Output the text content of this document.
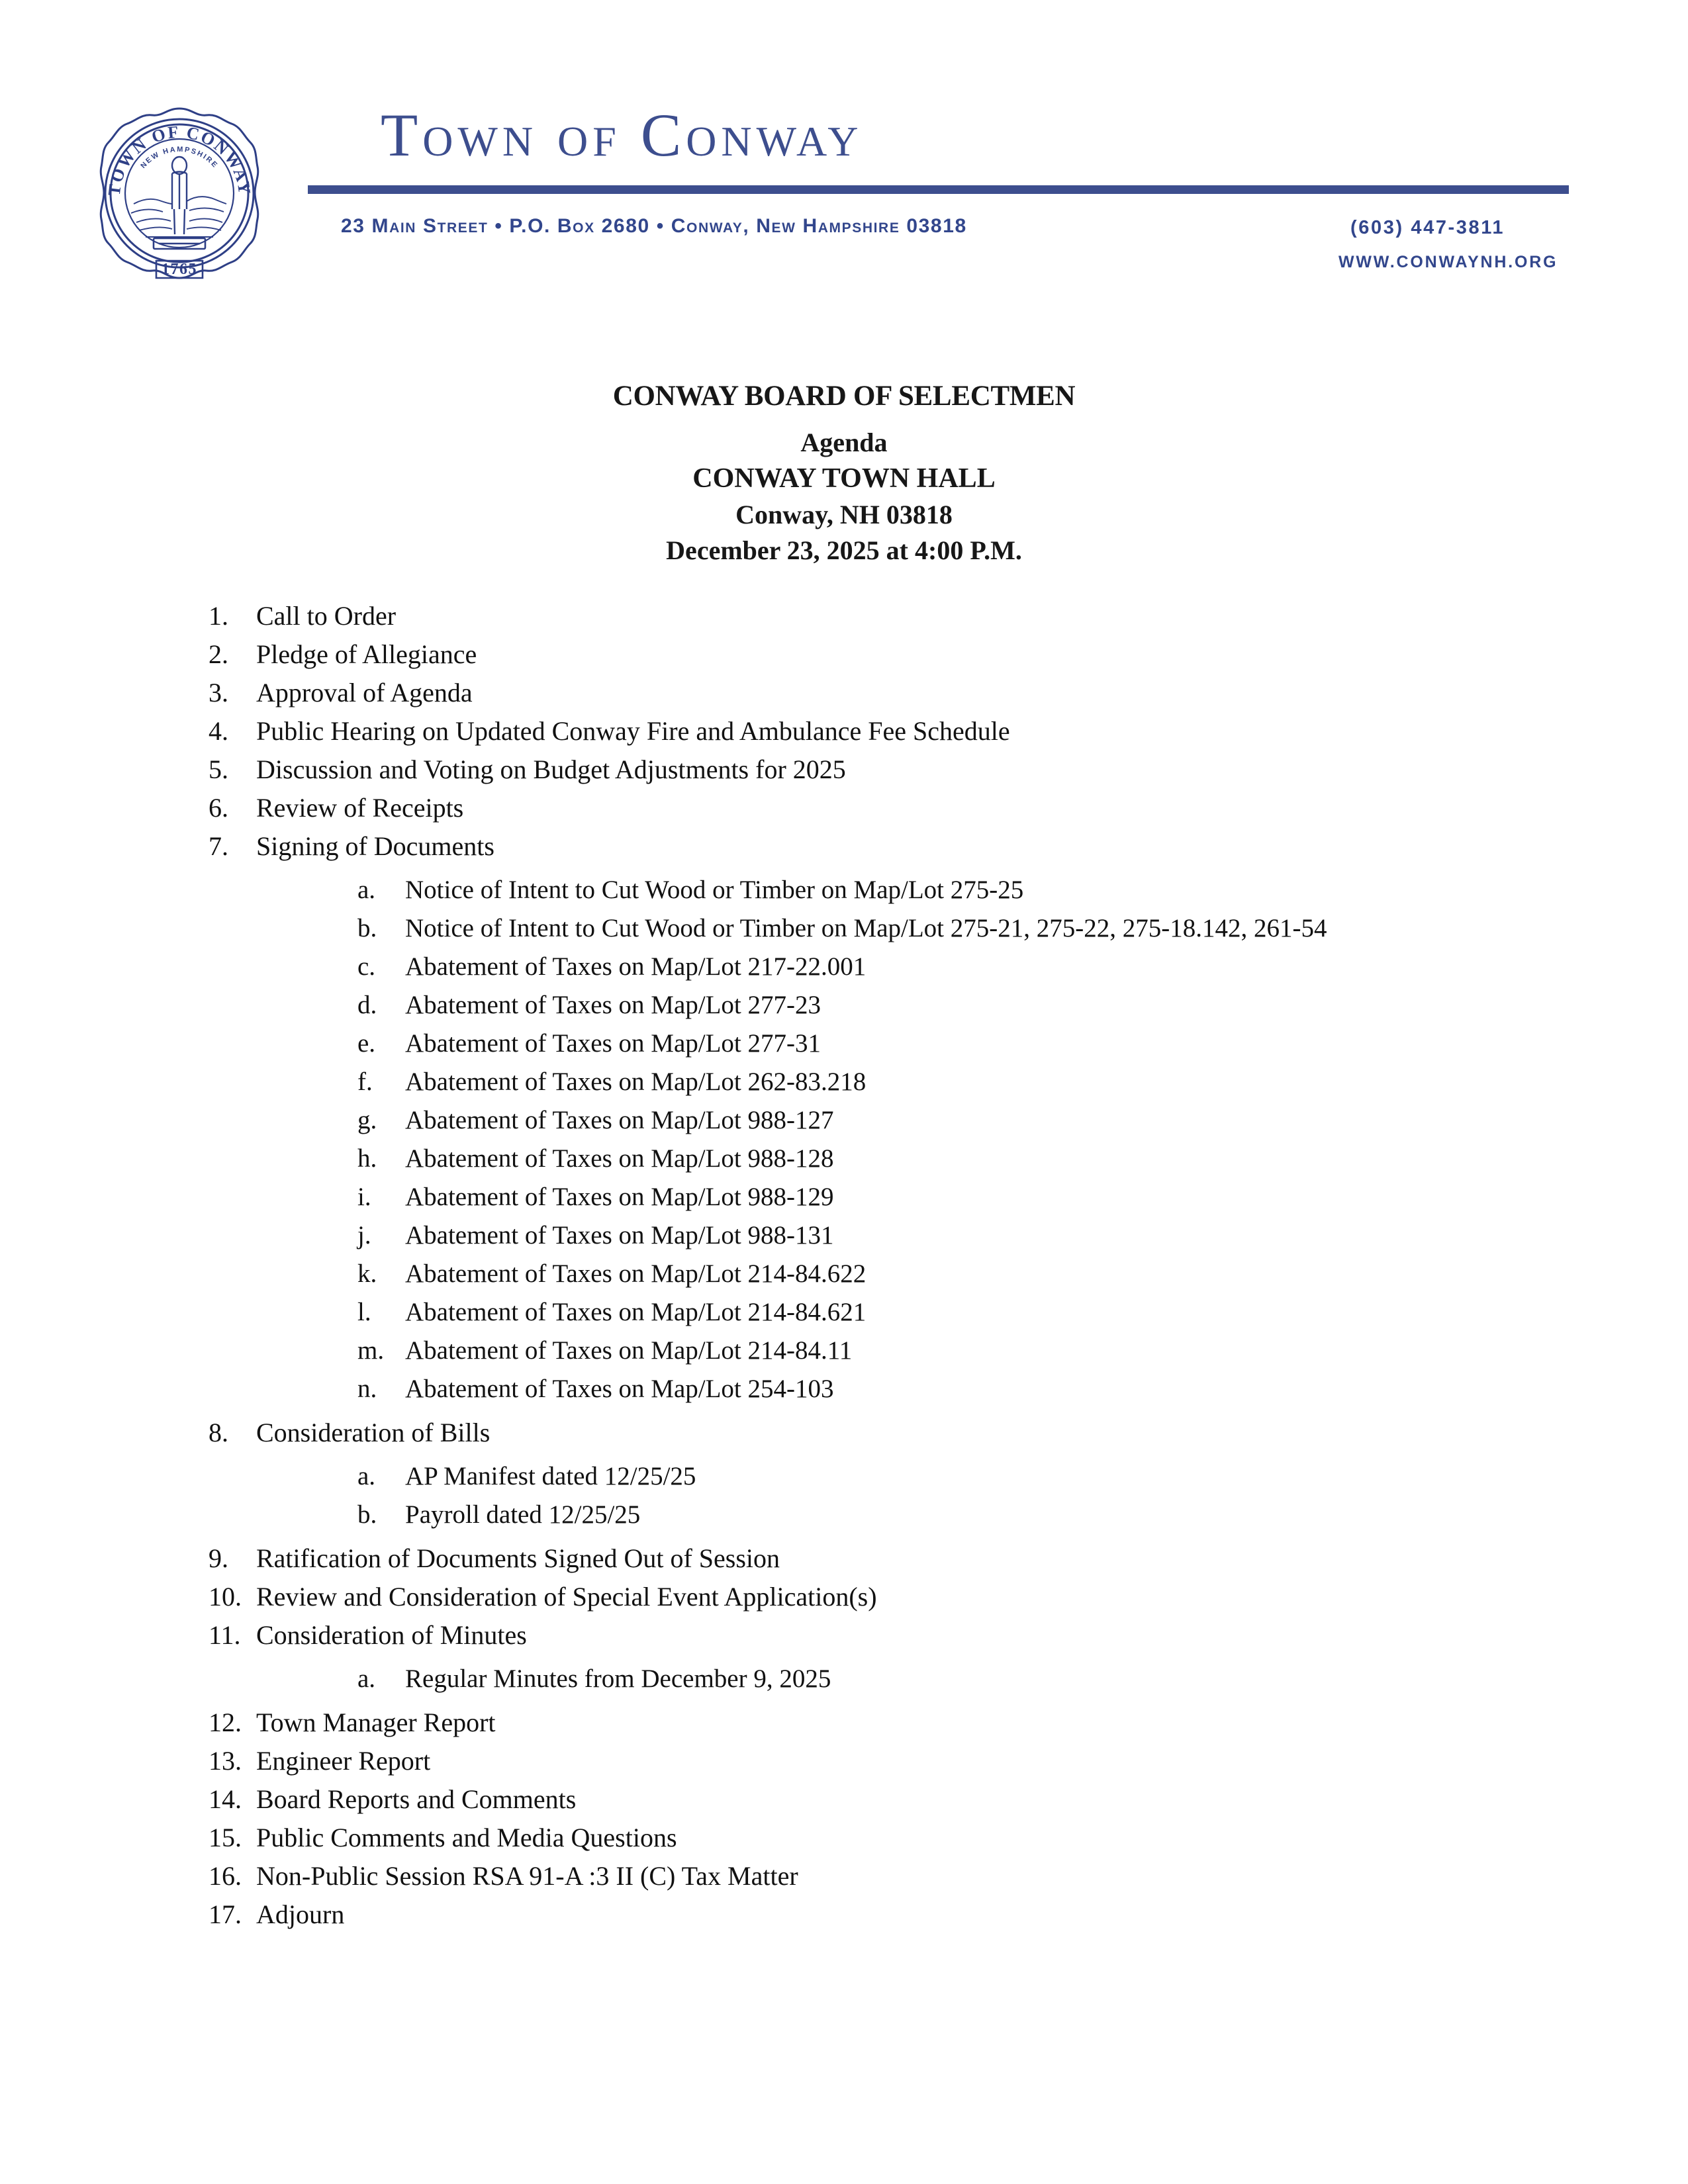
TOWN OF CONWAY
NEW HAMPSHIRE
1765
Town of Conway
23 Main Street • P.O. Box 2680 • Conway, New Hampshire 03818	(603) 447-3811
WWW.CONWAYNH.ORG
CONWAY BOARD OF SELECTMEN
Agenda
CONWAY TOWN HALL
Conway, NH 03818
December 23, 2025 at 4:00 P.M.
1.	Call to Order
2.	Pledge of Allegiance
3.	Approval of Agenda
4.	Public Hearing on Updated Conway Fire and Ambulance Fee Schedule
5.	Discussion and Voting on Budget Adjustments for 2025
6.	Review of Receipts
7.	Signing of Documents
a.	Notice of Intent to Cut Wood or Timber on Map/Lot 275-25
b.	Notice of Intent to Cut Wood or Timber on Map/Lot 275-21, 275-22, 275-18.142, 261-54
c.	Abatement of Taxes on Map/Lot 217-22.001
d.	Abatement of Taxes on Map/Lot 277-23
e.	Abatement of Taxes on Map/Lot 277-31
f.	Abatement of Taxes on Map/Lot 262-83.218
g.	Abatement of Taxes on Map/Lot 988-127
h.	Abatement of Taxes on Map/Lot 988-128
i.	Abatement of Taxes on Map/Lot 988-129
j.	Abatement of Taxes on Map/Lot 988-131
k.	Abatement of Taxes on Map/Lot 214-84.622
l.	Abatement of Taxes on Map/Lot 214-84.621
m. Abatement of Taxes on Map/Lot 214-84.11
n.	Abatement of Taxes on Map/Lot 254-103
8.	Consideration of Bills
a.	AP Manifest dated 12/25/25
b.	Payroll dated 12/25/25
9.	Ratification of Documents Signed Out of Session
10. Review and Consideration of Special Event Application(s)
11. Consideration of Minutes
a.	Regular Minutes from December 9, 2025
12. Town Manager Report
13. Engineer Report
14. Board Reports and Comments
15. Public Comments and Media Questions
16. Non-Public Session RSA 91-A :3 II (C) Tax Matter
17. Adjourn
